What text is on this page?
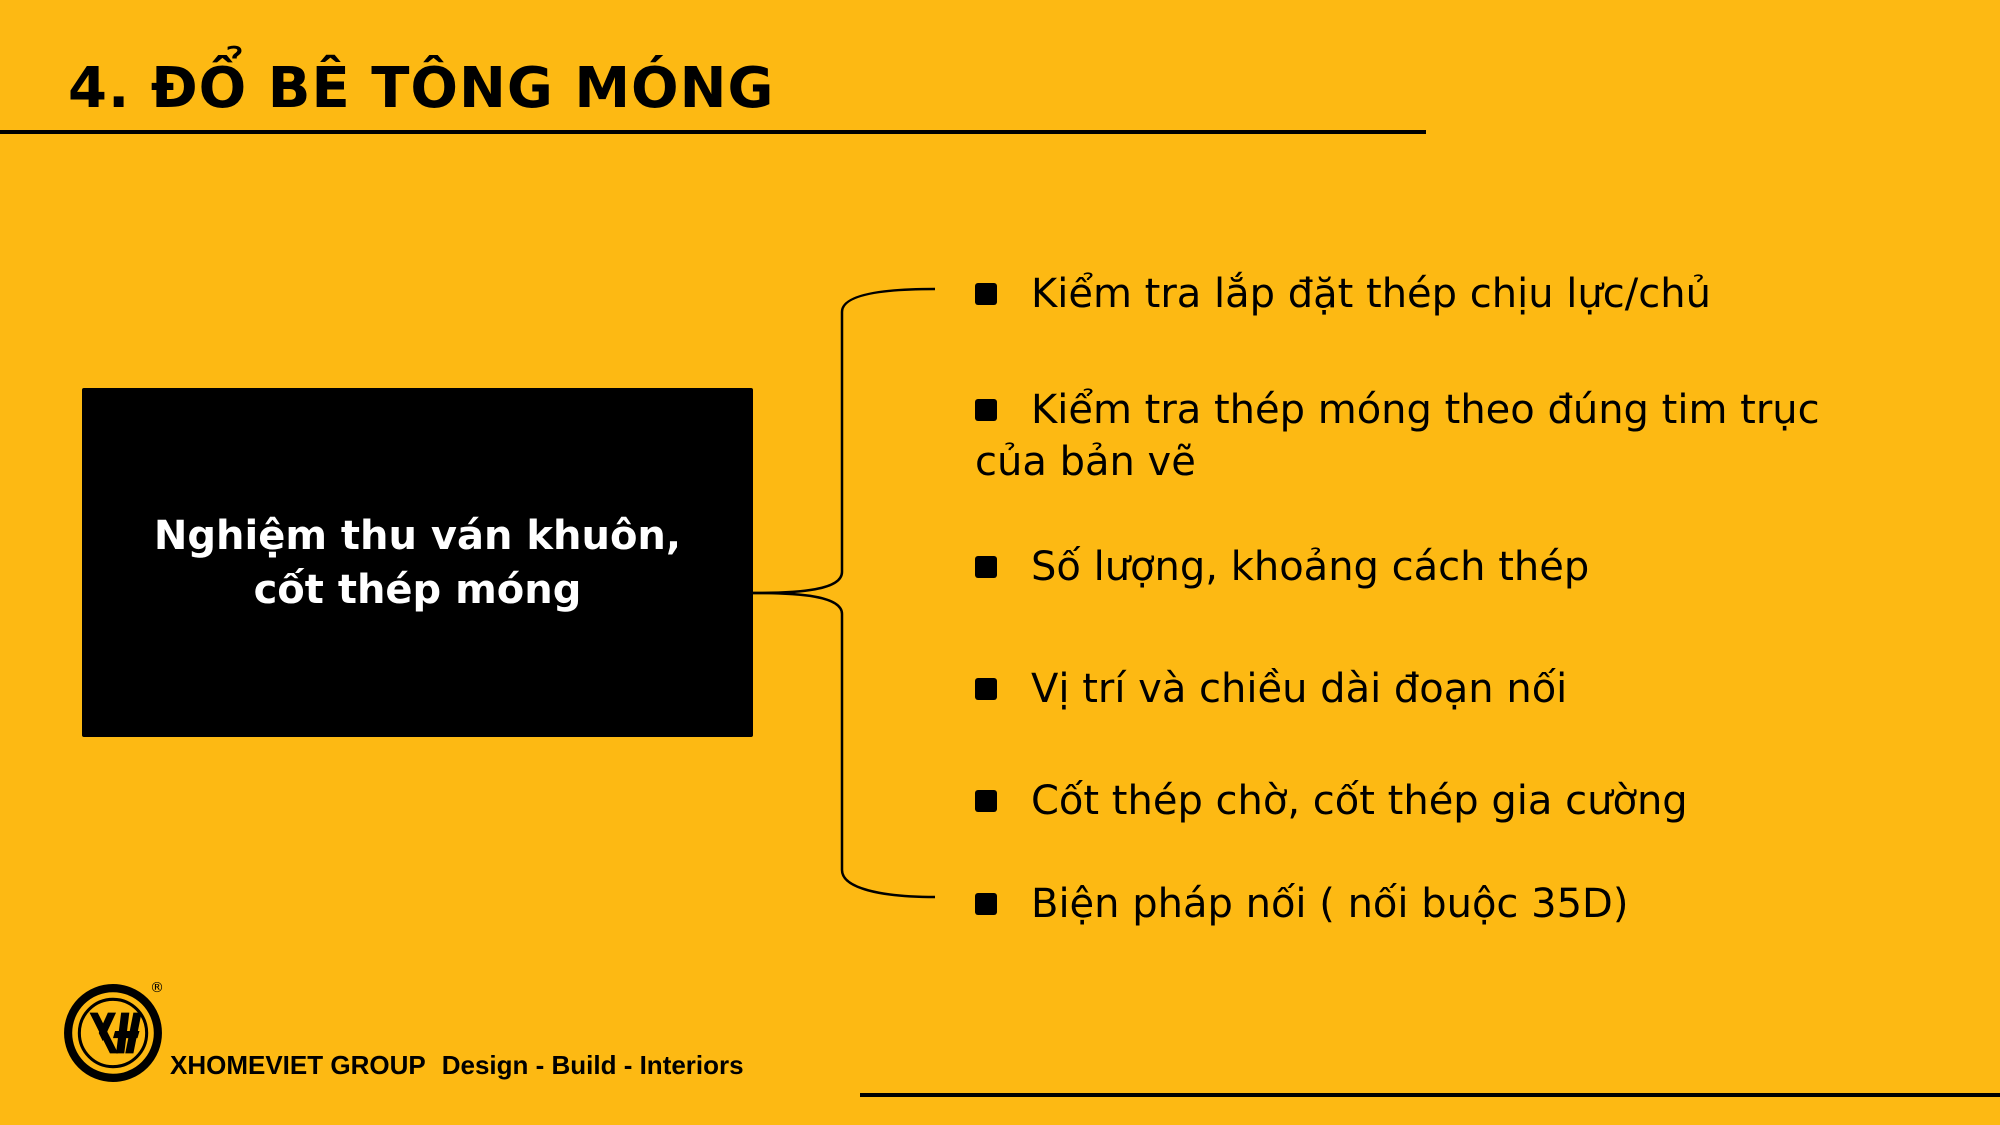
4. ĐỔ BÊ TÔNG MÓNG
Nghiệm thu ván khuôn, cốt thép móng
Kiểm tra lắp đặt thép chịu lực/chủ
Kiểm tra thép móng theo đúng tim trục của bản vẽ
Số lượng, khoảng cách thép
Vị trí và chiều dài đoạn nối
Cốt thép chờ, cốt thép gia cường
Biện pháp nối ( nối buộc 35D)
®
XHOMEVIET GROUP Design - Build - Interiors
